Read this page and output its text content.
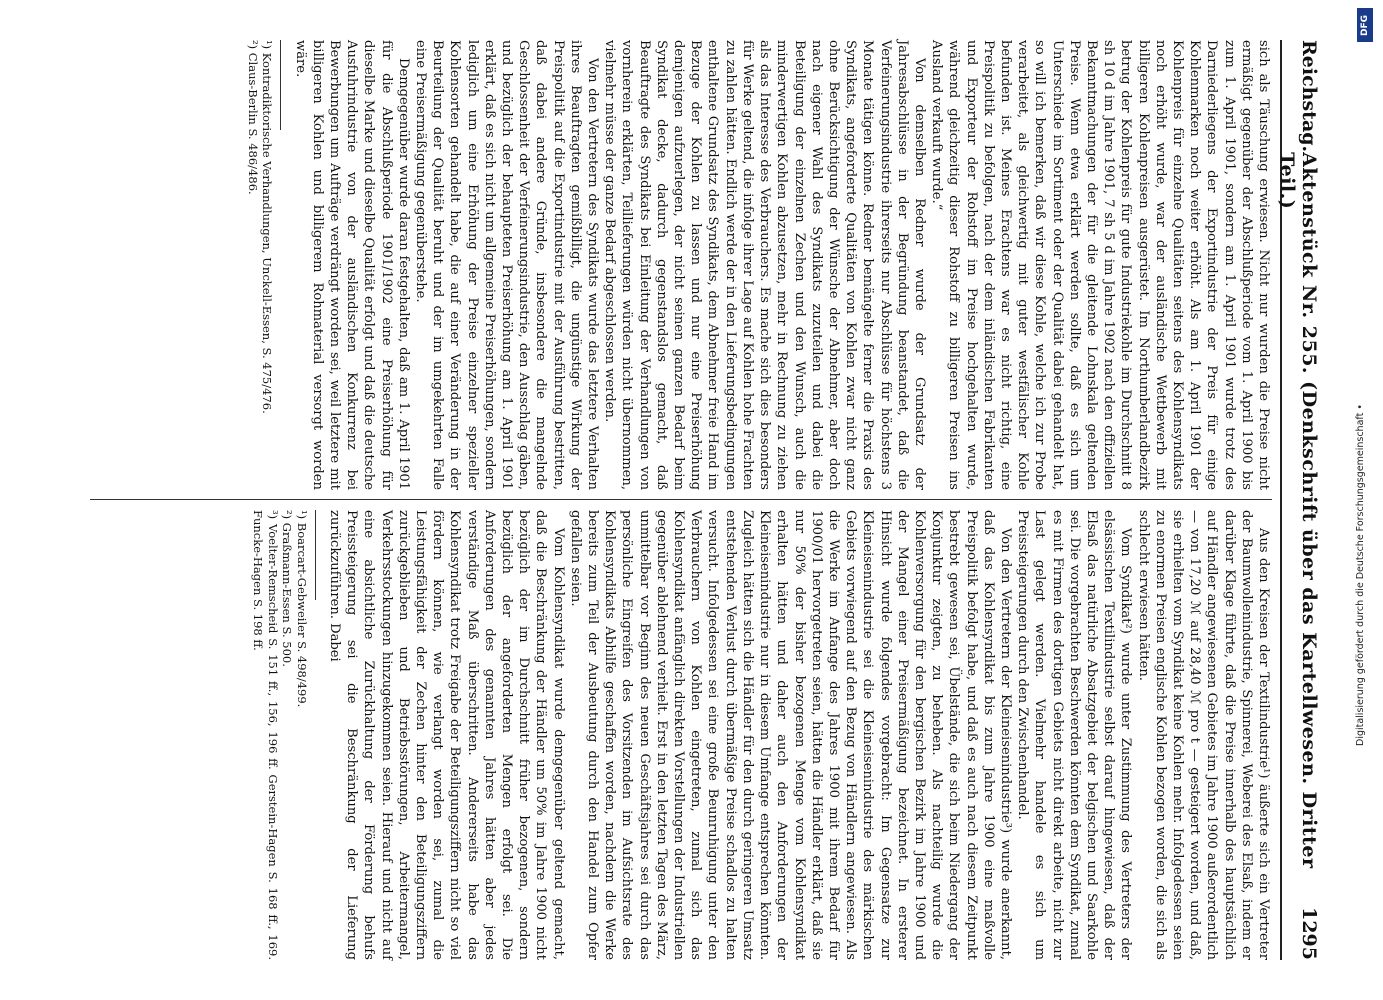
Reichstag.
Aktenstück Nr. 255. (Denkschrift über das Kartellwesen. Dritter Teil.)
1295

sich als Täuschung erwiesen. Nicht nur wurden die Preise nicht ermäßigt gegenüber der Abschlußperiode vom 1. April 1900 bis zum 1. April 1901, sondern am 1. April 1901 wurde trotz des Darniederliegens der Exportindustrie der Preis für einige Kohlenmarken noch weiter erhöht. Als am 1. April 1901 der Kohlenpreis für einzelne Qualitäten seitens des Kohlensyndikats noch erhöht wurde, war der ausländische Wettbewerb mit billigeren Kohlenpreisen ausgerüstet. Im Northumberlandbezirk betrug der Kohlenpreis für gute Industriekohle im Durchschnitt 8 sh 10 d im Jahre 1901, 7 sh 5 d im Jahre 1902 nach den offiziellen Bekanntmachungen der für die gleitende Lohnskala geltenden Preise. Wenn etwa erklärt werden sollte, daß es sich um Unterschiede im Sortiment oder der Qualität dabei gehandelt hat, so will ich bemerken, daß wir diese Kohle, welche ich zur Probe verarbeitet, als gleichwertig mit guter westfälischer Kohle befunden ist. Meines Erachtens war es nicht richtig, eine Preispolitik zu befolgen, nach der dem inländischen Fabrikanten und Exporteur der Rohstoff im Preise hochgehalten wurde, während gleichzeitig dieser Rohstoff zu billigeren Preisen ins Ausland verkauft wurde.“

Von demselben Redner wurde der Grundsatz der Jahresabschlüsse in der Begründung beanstandet, daß die Verfeinerungsindustrie ihrerseits nur Abschlüsse für höchstens 3 Monate tätigen könne. Redner bemängelte ferner die Praxis des Syndikats, angeforderte Qualitäten von Kohlen zwar nicht ganz ohne Berücksichtigung der Wünsche der Abnehmer, aber doch nach eigener Wahl des Syndikats zuzuteilen und dabei die Beteiligung der einzelnen Zechen und den Wunsch, auch die minderwertigen Kohlen abzusetzen, mehr in Rechnung zu ziehen als das Interesse des Verbrauchers. Es mache sich dies besonders für Werke geltend, die infolge ihrer Lage auf Kohlen hohe Frachten zu zahlen hätten. Endlich werde der in den Lieferungsbedingungen enthaltene Grundsatz des Syndikats, dem Abnehmer freie Hand im Bezuge der Kohlen zu lassen und nur eine Preiserhöhung demjenigen aufzuerlegen, der nicht seinen ganzen Bedarf beim Syndikat decke, dadurch gegenstandslos gemacht, daß Beauftragte des Syndikats bei Einleitung der Verhandlungen von vornherein erklärten, Teillieferungen würden nicht übernommen, vielmehr müsse der ganze Bedarf abgeschlossen werden.

Von den Vertretern des Syndikats wurde das letztere Verhalten ihres Beauftragten gemißbilligt, die ungünstige Wirkung der Preispolitik auf die Exportindustrie mit der Ausführung bestritten, daß dabei andere Gründe, insbesondere die mangelnde Geschlossenheit der Verfeinerungsindustrie, den Ausschlag gäben, und bezüglich der behaupteten Preiserhöhung am 1. April 1901 erklärt, daß es sich nicht um allgemeine Preiserhöhungen, sondern lediglich um eine Erhöhung der Preise einzelner spezieller Kohlensorten gehandelt habe, die auf einer Veränderung in der Beurteilung der Qualität beruht und der im umgekehrten Falle eine Preisermäßigung gegenüberstehe.

Demgegenüber wurde daran festgehalten, daß am 1. April 1901 für die Abschlußperiode 1901/1902 eine Preiserhöhung für dieselbe Marke und dieselbe Qualität erfolgt und daß die deutsche Ausfuhrindustrie von der ausländischen Konkurrenz bei Bewerbungen um Aufträge verdrängt worden sei, weil letztere mit billigeren Kohlen und billigerem Rohmaterial versorgt worden wäre.

¹) Kontradiktorische Verhandlungen, Unckell-Essen, S. 475/476.
²) Claus-Berlin S. 486/486.

Aus den Kreisen der Textilindustrie¹) äußerte sich ein Vertreter der Baumwollenindustrie, Spinnerei, Weberei des Elsaß, indem er darüber Klage führte, daß die Preise innerhalb des hauptsächlich auf Händler angewiesenen Gebietes im Jahre 1900 außerordentlich — von 17,20 ℳ auf 28,40 ℳ pro t — gesteigert worden, und daß, sie erhielten vom Syndikat keine Kohlen mehr. Infolgedessen seien zu enormen Preisen englische Kohlen bezogen worden, die sich als schlecht erwiesen hätten.

Vom Syndikat²) wurde unter Zustimmung des Vertreters der elsässischen Textilindustrie selbst darauf hingewiesen, daß der Elsaß das natürliche Absatzgebiet der belgischen und Saarkohle sei. Die vorgebrachten Beschwerden könnten dem Syndikat, zumal es mit Firmen des dortigen Gebiets nicht direkt arbeite, nicht zur Last gelegt werden. Vielmehr handele es sich um Preissteigerungen durch den Zwischenhandel.

Von den Vertretern der Kleineisenindustrie³) wurde anerkannt, daß das Kohlensyndikat bis zum Jahre 1900 eine maßvolle Preispolitik befolgt habe, und daß es auch nach diesem Zeitpunkt bestrebt gewesen sei, Übelstände, die sich beim Niedergang der Konjunktur zeigten, zu beheben. Als nachteilig wurde die Kohlenversorgung für den bergischen Bezirk im Jahre 1900 und der Mangel einer Preisermäßigung bezeichnet. In ersterer Hinsicht wurde folgendes vorgebracht: Im Gegensatze zur Kleineisenindustrie sei die Kleineisenindustrie des märkischen Gebiets vorwiegend auf den Bezug von Händlern angewiesen. Als die Werke im Anfange des Jahres 1900 mit ihrem Bedarf für 1900/01 hervorgetreten seien, hätten die Händler erklärt, daß sie nur 50% der bisher bezogenen Menge vom Kohlensyndikat erhalten hätten und daher auch den Anforderungen der Kleineisenindustrie nur in diesem Umfange entsprechen könnten. Zugleich hätten sich die Händler für den durch geringeren Umsatz entstehenden Verlust durch übermäßige Preise schadlos zu halten versucht. Infolgedessen sei eine große Beunruhigung unter den Verbrauchern von Kohlen eingetreten, zumal sich das Kohlensyndikat anfänglich direkten Vorstellungen der Industriellen gegenüber ablehnend verhielt. Erst in den letzten Tagen des März, unmittelbar vor Beginn des neuen Geschäftsjahres sei durch das persönliche Eingreifen des Vorsitzenden im Aufsichtsrate des Kohlensyndikats Abhilfe geschaffen worden, nachdem die Werke bereits zum Teil der Ausbeutung durch den Handel zum Opfer gefallen seien.

Vom Kohlensyndikat wurde demgegenüber geltend gemacht, daß die Beschränkung der Händler um 50% im Jahre 1900 nicht bezüglich der im Durchschnitt früher bezogenen, sondern bezüglich der angeforderten Mengen erfolgt sei. Die Anforderungen des genannten Jahres hätten aber jedes verständige Maß überschritten. Andererseits habe das Kohlensyndikat trotz Freigabe der Beteiligungsziffern nicht so viel fördern können, wie verlangt worden sei, zumal die Leistungsfähigkeit der Zechen hinter den Beteiligungsziffern zurückgeblieben und Betriebsstörungen, Arbeitermangel, Verkehrsstockungen hinzugekommen seien. Hierauf und nicht auf eine absichtliche Zurückhaltung der Förderung behufs Preissteigerung sei die Beschränkung der Lieferung zurückzuführen. Dabei

¹) Boarcart-Gebweiler S. 498/499.
²) Graßmann-Essen S. 500.
³) Voelter-Remscheid S. 151 ff., 156, 196 ff. Gerstein-Hagen S. 168 ff., 169. Funcke-Hagen S. 198 ff.
DFG
Digitalisierung gefördert durch die Deutsche Forschungsgemeinschaft •
